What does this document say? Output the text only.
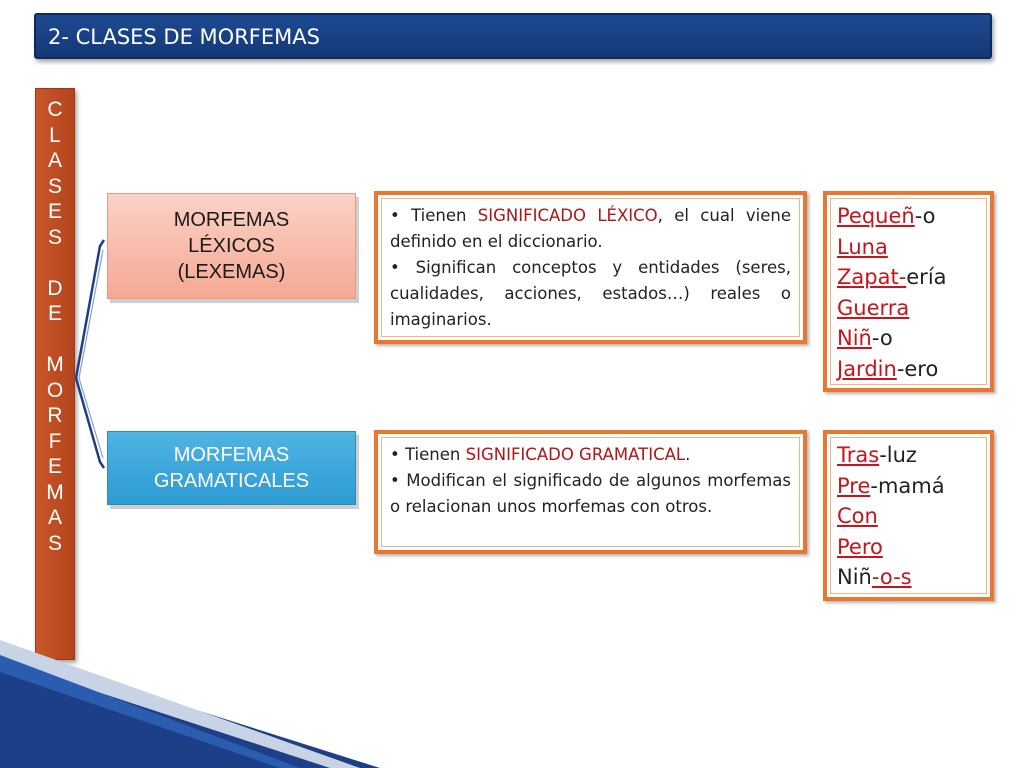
2- CLASES DE MORFEMAS
C
L
A
S
E
S

D
E

M
O
R
F
E
M
A
S
MORFEMAS
LÉXICOS
(LEXEMAS)
MORFEMAS
GRAMATICALES

• Tienen SIGNIFICADO LÉXICO, el cual viene definido en el diccionario.

• Significan conceptos y entidades (seres, cualidades, acciones, estados…) reales o imaginarios.

• Tienen SIGNIFICADO GRAMATICAL.

• Modifican el significado de algunos morfemas o relacionan unos morfemas con otros.

Pequeñ-o
Luna
Zapat-ería
Guerra
Niñ-o
Jardin-ero
Tras-luz
Pre-mamá
Con
Pero
Niñ-o-s
